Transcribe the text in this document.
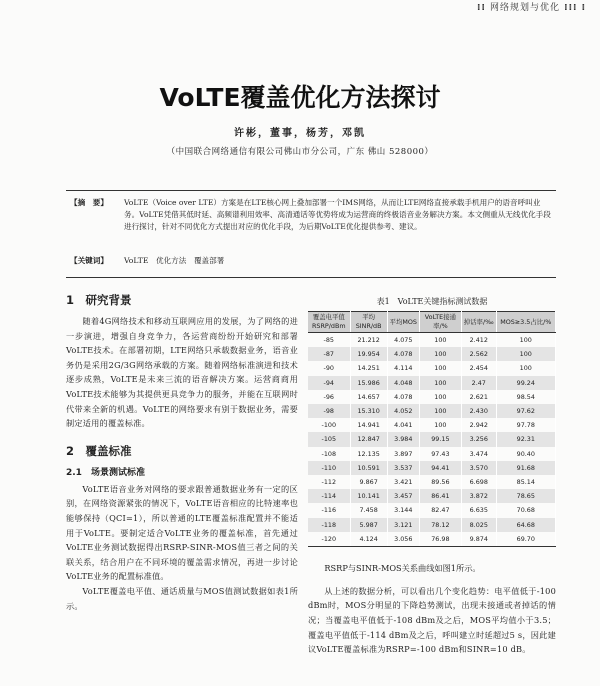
⁞⁞ 网络规划与优化 ⁞⁞⁞ ⁞
VoLTE覆盖优化方法探讨
许彬，董事，杨芳，邓凯
（中国联合网络通信有限公司佛山市分公司，广东 佛山 528000）
【摘　要】 VoLTE（Voice over LTE）方案是在LTE核心网上叠加部署一个IMS网络，从而让LTE网络直接承载手机用户的语音呼叫业务。VoLTE凭借其低时延、高频谱利用效率、高清通话等优势将成为运营商的终极语音业务解决方案。本文侧重从无线优化手段进行探讨，针对不同优化方式提出对应的优化手段，为后期VoLTE优化提供参考、建议。
【关键词】 VoLTE　优化方法　覆盖部署
1　研究背景

随着4G网络技术和移动互联网应用的发展，为了网络的进一步演进，增强自身竞争力，各运营商纷纷开始研究和部署VoLTE技术。在部署初期，LTE网络只承载数据业务，语音业务仍是采用2G/3G网络承载的方案。随着网络标准演进和技术逐步成熟，VoLTE是未来三流的语音解决方案。运营商商用VoLTE技术能够为其提供更具竞争力的服务，并能在互联网时代带来全新的机遇。VoLTE的网络要求有别于数据业务，需要制定适用的覆盖标准。

2　覆盖标准
2.1　场景测试标准

VoLTE语音业务对网络的要求跟普通数据业务有一定的区别，在网络资源紧张的情况下，VoLTE语音相应的比特速率也能够保持（QCI=1），所以普通的LTE覆盖标准配置并不能适用于VoLTE。要制定适合VoLTE业务的覆盖标准，首先通过VoLTE业务测试数据得出RSRP-SINR-MOS值三者之间的关联关系，结合用户在不同环境的覆盖需求情况，再进一步讨论VoLTE业务的配置标准值。

VoLTE覆盖电平值、通话质量与MOS值测试数据如表1所示。

表1　VoLTE关键指标测试数据
覆盖电平值RSRP/dBm	平均SINR/dB	平均MOS	VoLTE接通率/%	掉话率/‰	MOS≥3.5占比/%
-85	21.212	4.075	100	2.412	100
-87	19.954	4.078	100	2.562	100
-90	14.251	4.114	100	2.454	100
-94	15.986	4.048	100	2.47	99.24
-96	14.657	4.078	100	2.621	98.54
-98	15.310	4.052	100	2.430	97.62
-100	14.941	4.041	100	2.942	97.78
-105	12.847	3.984	99.15	3.256	92.31
-108	12.135	3.897	97.43	3.474	90.40
-110	10.591	3.537	94.41	3.570	91.68
-112	9.867	3.421	89.56	6.698	85.14
-114	10.141	3.457	86.41	3.872	78.65
-116	7.458	3.144	82.47	6.635	70.68
-118	5.987	3.121	78.12	8.025	64.68
-120	4.124	3.056	76.98	9.874	69.70

RSRP与SINR-MOS关系曲线如图1所示。

从上述的数据分析，可以看出几个变化趋势：电平值低于-100 dBm时，MOS分明显的下降趋势测试，出现未接通或者掉话的情况；当覆盖电平值低于-108 dBm及之后，MOS平均值小于3.5；覆盖电平值低于-114 dBm及之后，呼叫建立时延超过5 s，因此建议VoLTE覆盖标准为RSRP=-100 dBm和SINR=10 dB。
